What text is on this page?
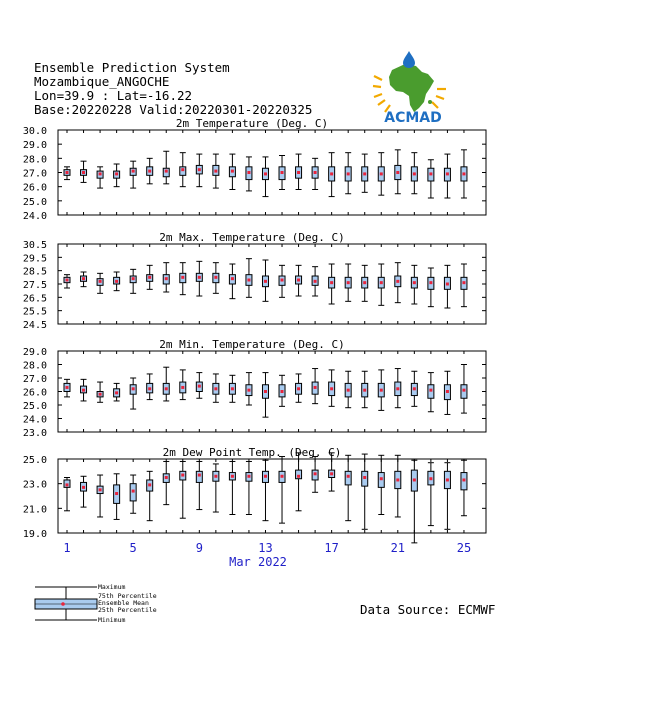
Ensemble Prediction System
Mozambique_ANGOCHE
Lon=39.9 : Lat=-16.22
Base:20220228 Valid:20220301-20220325
ACMAD
2m Temperature (Deg. C)
24.0
25.0
26.0
27.0
28.0
29.0
30.0
2m Max. Temperature (Deg. C)
24.5
25.5
26.5
27.5
28.5
29.5
30.5
2m Min. Temperature (Deg. C)
23.0
24.0
25.0
26.0
27.0
28.0
29.0
2m Dew Point Temp. (Deg. C)
19.0
21.0
23.0
25.0
1	5	9	13	17	21	25
Mar 2022
Data Source: ECMWF
Maximum
75th Percentile
Ensemble Mean
25th Percentile
Minimum
